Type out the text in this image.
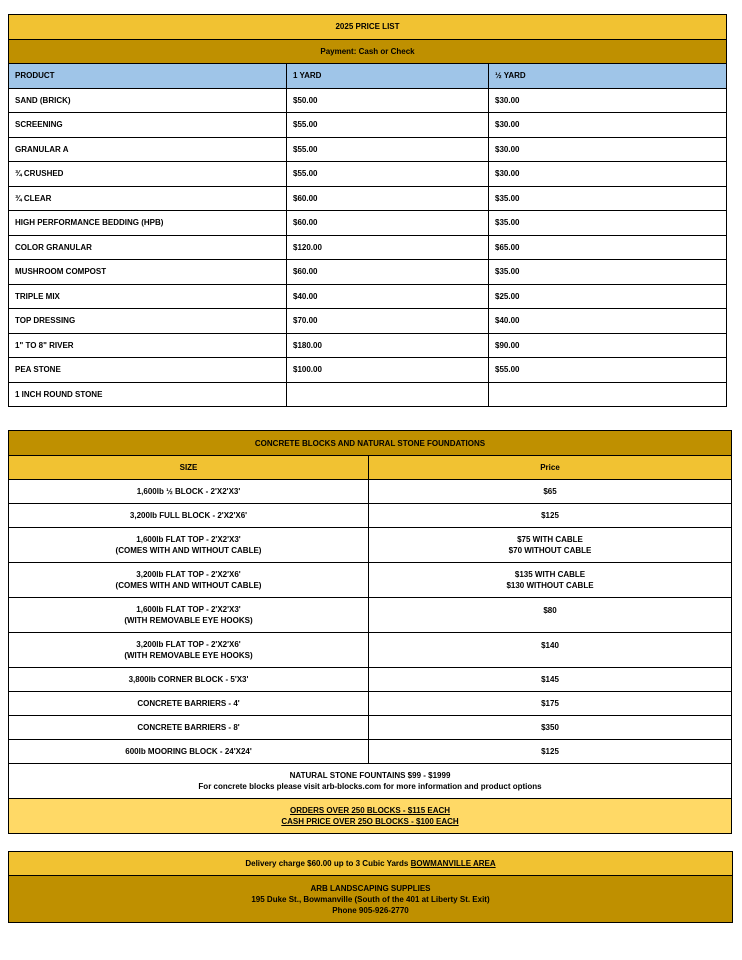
2025 PRICE LIST		
Payment: Cash or Check		
PRODUCT	1 YARD	½ YARD
SAND (BRICK)	$50.00	$30.00
SCREENING	$55.00	$30.00
GRANULAR A	$55.00	$30.00
¾ CRUSHED	$55.00	$30.00
¾ CLEAR	$60.00	$35.00
HIGH PERFORMANCE BEDDING (HPB)	$60.00	$35.00
COLOR GRANULAR	$120.00	$65.00
MUSHROOM COMPOST	$60.00	$35.00
TRIPLE MIX	$40.00	$25.00
TOP DRESSING	$70.00	$40.00
1" TO 8" RIVER	$180.00	$90.00
PEA STONE	$100.00	$55.00
1 INCH ROUND STONE		
CONCRETE BLOCKS AND NATURAL STONE FOUNDATIONS	
SIZE	Price

1,600lb ½ BLOCK - 2'X2'X3'	$65

3,200lb FULL BLOCK - 2'X2'X6'	$125

1,600lb FLAT TOP - 2'X2'X3'
(COMES WITH AND WITHOUT CABLE)	$75 WITH CABLE
$70 WITHOUT CABLE

3,200lb FLAT TOP - 2'X2'X6'
(COMES WITH AND WITHOUT CABLE)	$135 WITH CABLE
$130 WITHOUT CABLE

1,600lb FLAT TOP - 2'X2'X3'
(WITH REMOVABLE EYE HOOKS)	$80

3,200lb FLAT TOP - 2'X2'X6'
(WITH REMOVABLE EYE HOOKS)	$140

3,800lb CORNER BLOCK - 5'X3'	$145

CONCRETE BARRIERS - 4'	$175

CONCRETE BARRIERS - 8'	$350

600lb MOORING BLOCK - 24'X24'	$125

NATURAL STONE FOUNTAINS $99 - $1999
For concrete blocks please visit arb-blocks.com for more information and product options	

ORDERS OVER 250 BLOCKS - $115 EACH
CASH PRICE OVER 25O BLOCKS - $100 EACH	
Delivery charge $60.00 up to 3 Cubic Yards BOWMANVILLE AREA

ARB LANDSCAPING SUPPLIES
195 Duke St., Bowmanville (South of the 401 at Liberty St. Exit)
Phone 905-926-2770
